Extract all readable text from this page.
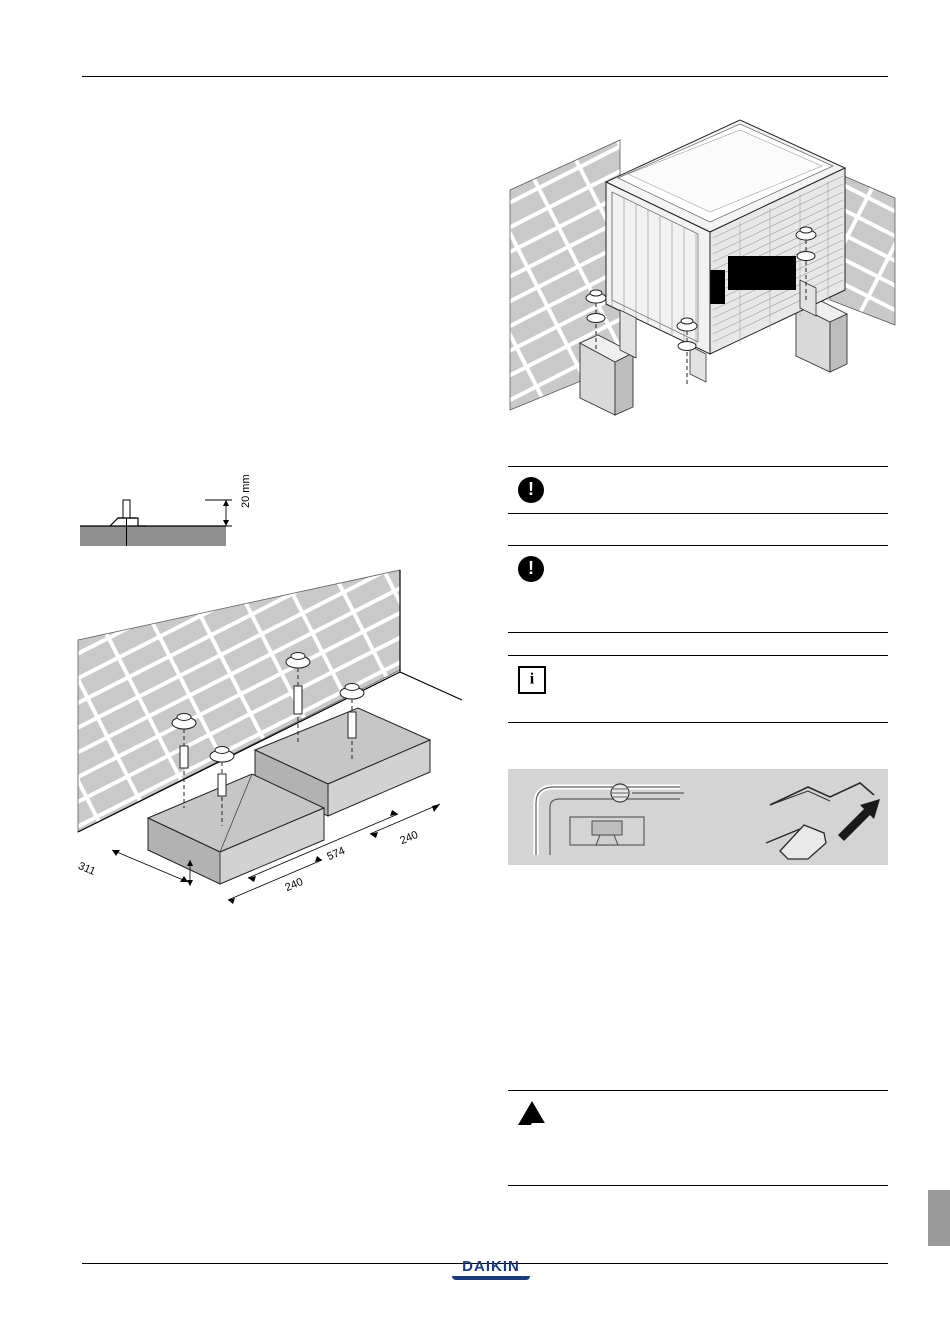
20 mm
311
240
574
240
!
!
i
DAIKIN
